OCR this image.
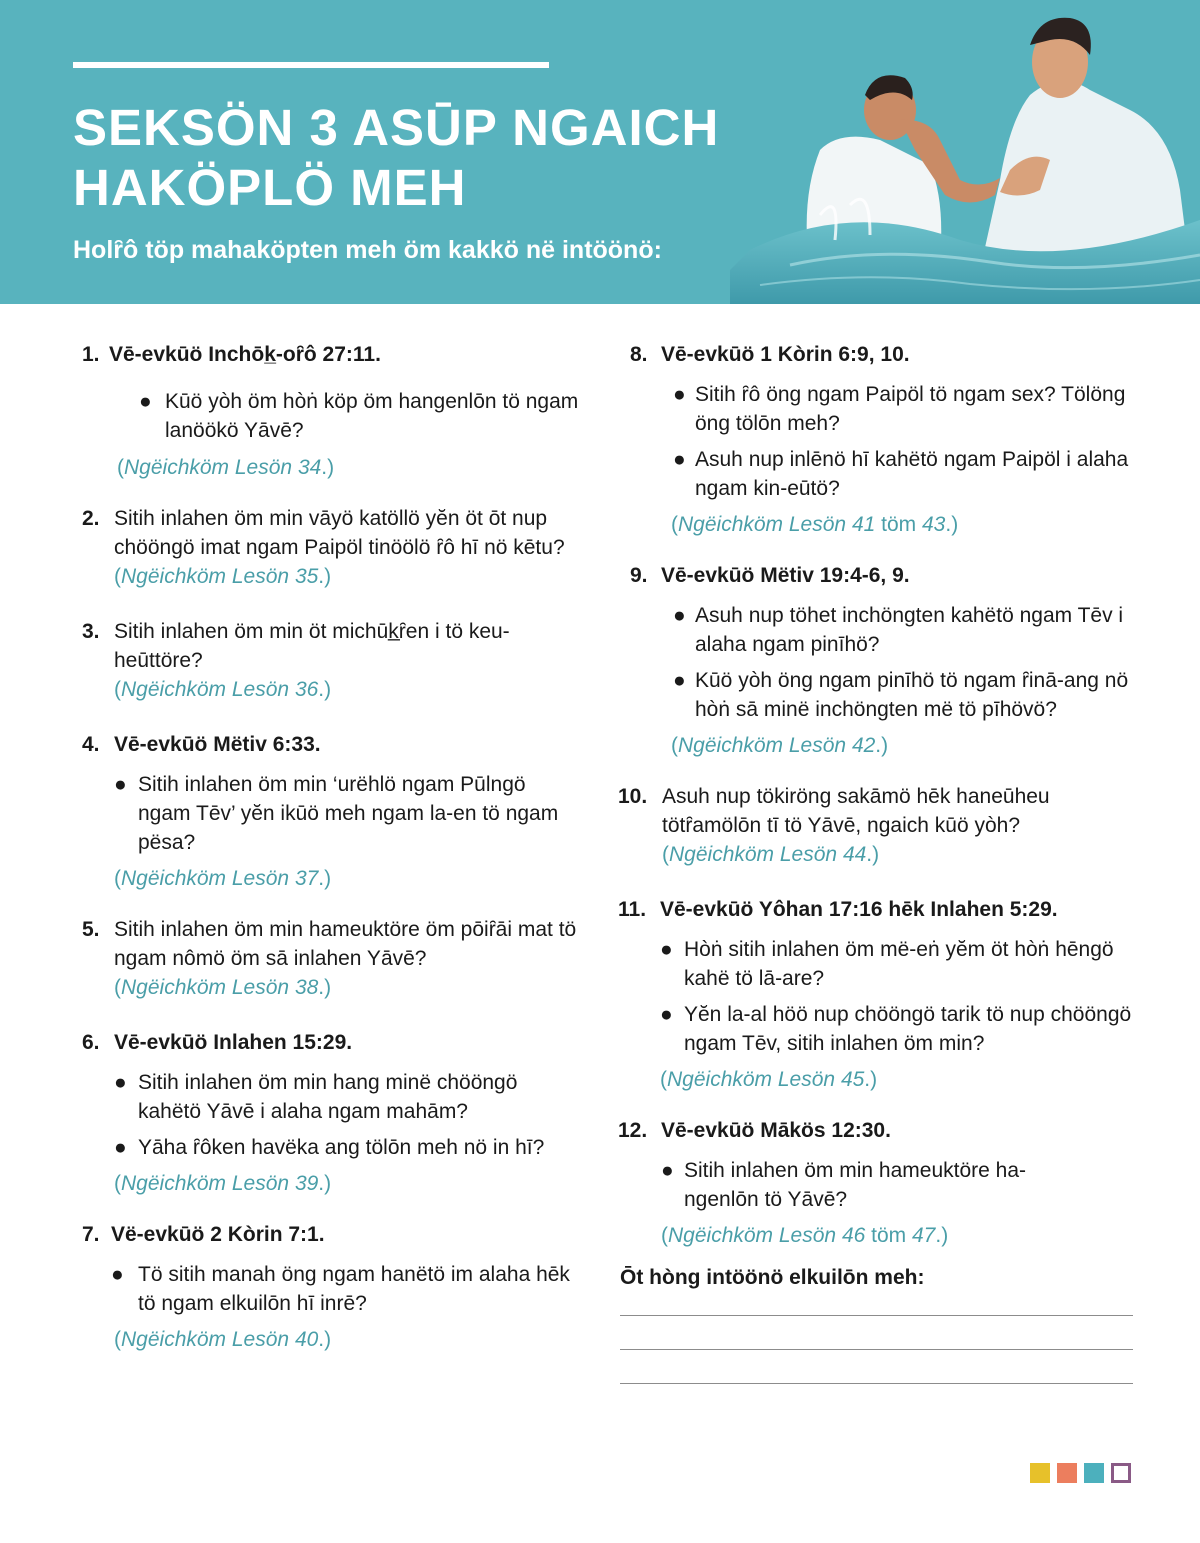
SEKSÖN 3 ASŪP NGAICH
HAKÖPLÖ MEH
Holȓô töp mahaköpten meh öm kakkö në intöönö:
1. Vē-evkūö Inchōk̲-oȓô 27:11.
● Kūö yòh öm hòṅ köp öm hangenlōn tö ngam lanöökö Yāvē?
(Ngëichköm Lesön 34.)
2. Sitih inlahen öm min vāyö katöllö yĕn öt ōt nup chööngö imat ngam Paipöl tinöölö ȓô hī nö kētu?
(Ngëichköm Lesön 35.)
3. Sitih inlahen öm min öt michūk̲ȓen i tö keu-heūttöre?
(Ngëichköm Lesön 36.)
4. Vē-evkūö Mëtiv 6:33.
● Sitih inlahen öm min ‘urëhlö ngam Pūlngö ngam Tēv’ yĕn ikūö meh ngam la-en tö ngam pësa?
(Ngëichköm Lesön 37.)
5. Sitih inlahen öm min hameuktöre öm pōiȓāi mat tö ngam nômö öm sā inlahen Yāvē?
(Ngëichköm Lesön 38.)
6. Vē-evkūö Inlahen 15:29.
● Sitih inlahen öm min hang minë chööngö kahëtö Yāvē i alaha ngam mahām?
● Yāha ȓôken havëka ang tölōn meh nö in hī?
(Ngëichköm Lesön 39.)
7. Vë-evkūö 2 Kòrin 7:1.
● Tö sitih manah öng ngam hanëtö im alaha hēk tö ngam elkuilōn hī inrē?
(Ngëichköm Lesön 40.)
8. Vē-evkūö 1 Kòrin 6:9, 10.
● Sitih ȓô öng ngam Paipöl tö ngam sex? Tölöng öng tölōn meh?
● Asuh nup inlēnö hī kahëtö ngam Paipöl i alaha ngam kin-eūtö?
(Ngëichköm Lesön 41 töm 43.)
9. Vē-evkūö Mëtiv 19:4-6, 9.
● Asuh nup töhet inchöngten kahëtö ngam Tēv i alaha ngam pinīhö?
● Kūö yòh öng ngam pinīhö tö ngam ȓinā-ang nö hòṅ sā minë inchöngten më tö pīhövö?
(Ngëichköm Lesön 42.)
10. Asuh nup tökiröng sakāmö hēk haneūheu tötȓamölōn tī tö Yāvē, ngaich kūö yòh?
(Ngëichköm Lesön 44.)
11. Vē-evkūö Yôhan 17:16 hēk Inlahen 5:29.
● Hòṅ sitih inlahen öm më-eṅ yĕm öt hòṅ hēngö kahë tö lā-are?
● Yĕn la-al höö nup chööngö tarik tö nup chööngö ngam Tēv, sitih inlahen öm min?
(Ngëichköm Lesön 45.)
12. Vē-evkūö Mākös 12:30.
● Sitih inlahen öm min hameuktöre ha-ngenlōn tö Yāvē?
(Ngëichköm Lesön 46 töm 47.)
Ōt hòng intöönö elkuilōn meh:
